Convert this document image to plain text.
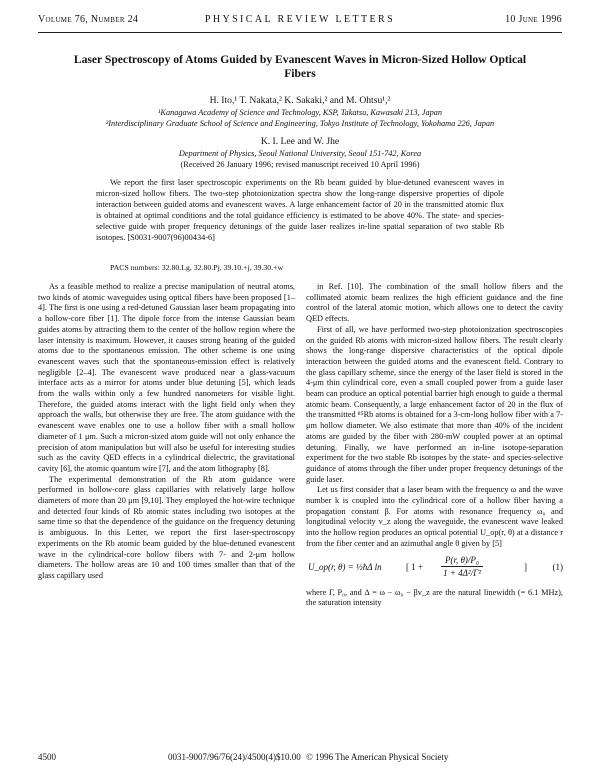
Volume 76, Number 24	PHYSICAL REVIEW LETTERS	10 June 1996
Laser Spectroscopy of Atoms Guided by Evanescent Waves in Micron-Sized Hollow Optical Fibers
H. Ito,¹ T. Nakata,² K. Sakaki,² and M. Ohtsu¹,²
¹Kanagawa Academy of Science and Technology, KSP, Takatsu, Kawasaki 213, Japan
²Interdisciplinary Graduate School of Science and Engineering, Tokyo Institute of Technology, Yokohama 226, Japan
K. I. Lee and W. Jhe
Department of Physics, Seoul National University, Seoul 151-742, Korea
(Received 26 January 1996; revised manuscript received 10 April 1996)
We report the first laser spectroscopic experiments on the Rb beam guided by blue-detuned evanescent waves in micron-sized hollow fibers. The two-step photoionization spectra show the long-range dispersive properties of dipole interaction between guided atoms and evanescent waves. A large enhancement factor of 20 in the transmitted atomic flux is obtained at optimal conditions and the total guidance efficiency is estimated to be above 40%. The state- and species-selective guide with proper frequency detunings of the guide laser realizes in-line spatial separation of two stable Rb isotopes. [S0031-9007(96)00434-6]
PACS numbers: 32.80.Lg, 32.80.Pj, 39.10.+j, 39.30.+w

As a feasible method to realize a precise manipulation of neutral atoms, two kinds of atomic waveguides using optical fibers have been proposed [1–4]. The first is one using a red-detuned Gaussian laser beam propagating into a hollow-core fiber [1]. The dipole force from the intense Gaussian beam guides atoms by attracting them to the center of the hollow region where the laser intensity is maximum. However, it causes strong heating of the guided atoms due to the spontaneous emission. The other scheme is one using evanescent waves such that the spontaneous-emission effect is relatively negligible [2–4]. The evanescent wave produced near a glass-vacuum interface acts as a mirror for atoms under blue detuning [5], which leads from the walls within only a few hundred nanometers for visible light. Therefore, the guided atoms interact with the light field only when they approach the walls, but otherwise they are free. The atom guidance with the evanescent wave enables one to use a hollow fiber with a small hollow diameter of 1 μm. Such a micron-sized atom guide will not only enhance the precision of atom manipulation but will also be useful for interesting studies such as the cavity QED effects in a cylindrical dielectric, the gravitational cavity [6], the atomic quantum wire [7], and the atom lithography [8].

The experimental demonstration of the Rb atom guidance were performed in hollow-core glass capillaries with relatively large hollow diameters of more than 20 μm [9,10]. They employed the hot-wire technique and detected four kinds of Rb atomic states including two isotopes at the same time so that the dependence of the guidance on the frequency detuning is ambiguous. In this Letter, we report the first laser-spectroscopy experiments on the Rb atomic beam guided by the blue-detuned evanescent wave in the cylindrical-core hollow fibers with 7- and 2-μm hollow diameters. The hollow areas are 10 and 100 times smaller than that of the glass capillary used

in Ref. [10]. The combination of the small hollow fibers and the collimated atomic beam realizes the high efficient guidance and the fine control of the lateral atomic motion, which allows one to detect the cavity QED effects.

First of all, we have performed two-step photoionization spectroscopies on the guided Rb atoms with micron-sized hollow fibers. The result clearly shows the long-range dispersive characteristics of the optical dipole interaction between the guided atoms and the evanescent field. Contrary to the glass capillary scheme, since the energy of the laser field is stored in the 4-μm thin cylindrical core, even a small coupled power from a guide laser beam can produce an optical potential barrier high enough to guide a thermal atomic beam. Consequently, a large enhancement factor of 20 in the flux of the transmitted ⁸⁵Rb atoms is obtained for a 3-cm-long hollow fiber with a 7-μm hollow diameter. We also estimate that more than 40% of the incident atoms are guided by the fiber with 280-mW coupled power at an optimal detuning. Finally, we have performed an in-line isotope-separation experiment for the two stable Rb isotopes by the state- and species-selective guidance of atoms through the fiber under proper frequency detunings of the guide laser.

Let us first consider that a laser beam with the frequency ω and the wave number k is coupled into the cylindrical core of a hollow fiber having a propagation constant β. For atoms with resonance frequency ω₀ and longitudinal velocity v_z along the waveguide, the evanescent wave leaked into the hollow region produces an optical potential U_op(r, θ) at a distance r from the fiber center and an azimuthal angle θ given by [5]

U_op(r, θ) = ½ħΔ ln	[ $1 + \frac{\text{P(r, θ)/P₀}}{\text{1 + 4Δ²/Γ²}}$	]	(1)

where Γ, P₀, and Δ = ω − ω₀ − βv_z are the natural linewidth (= 6.1 MHz), the saturation intensity

4500	0031-9007/96/76(24)/4500(4)$10.00 © 1996 The American Physical Society
